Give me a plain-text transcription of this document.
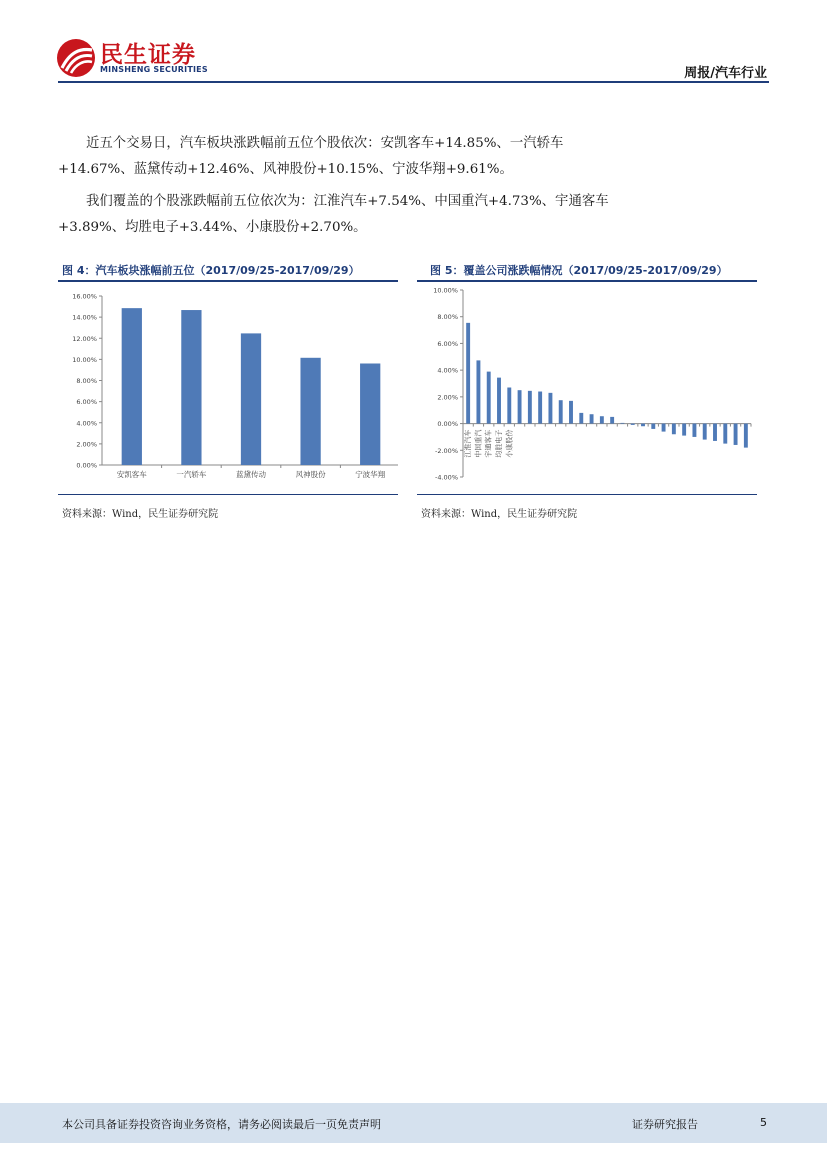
民生证券
MINSHENG SECURITIES	周报/汽车行业

近五个交易日，汽车板块涨跌幅前五位个股依次：安凯客车+14.85%、一汽轿车+14.67%、蓝黛传动+12.46%、风神股份+10.15%、宁波华翔+9.61%。

我们覆盖的个股涨跌幅前五位依次为：江淮汽车+7.54%、中国重汽+4.73%、宇通客车+3.89%、均胜电子+3.44%、小康股份+2.70%。

图 4：汽车板块涨幅前五位（2017/09/25-2017/09/29）
0.00%
2.00%
4.00%
6.00%
8.00%
10.00%
12.00%
14.00%
16.00%
安凯客车	一汽轿车	蓝黛传动	风神股份	宁波华翔
资料来源：Wind，民生证券研究院
图 5：覆盖公司涨跌幅情况（2017/09/25-2017/09/29）
-4.00%
-2.00%
0.00%
2.00%
4.00%
6.00%
8.00%
10.00%
江淮汽车 中国重汽 宇通客车 均胜电子 小康股份
资料来源：Wind，民生证券研究院
本公司具备证券投资咨询业务资格，请务必阅读最后一页免责声明	证券研究报告	5
